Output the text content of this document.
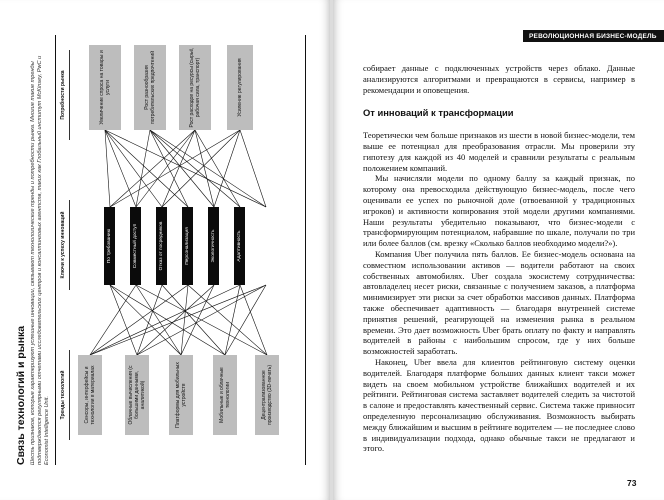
Связь технологий и рынка Шесть признаков, которые характеризуют успешные инновации, связывают технологические тренды и потребности рынка. Многие такие тренды подтверждаются регулярными отчетами исследовательских центров и консалтинговых агентств, таких как Глобальный институт McKinsey, PwC и Economist Intelligence Unit.
Тренды технологий
Ключи к успеху инноваций
Потребности рынка
Сенсоры, интерфейсы и технологии в материалах	Облачные вычисления (с большими данными, аналитикой)	Платформы для мобильных устройств	Мобильные и облачные технологии	Децентрализованное производство (3D-печать)
По требованию	Совместный доступ	Отказ от посредников	Персонализация	Экологичность	Адаптивность
Увеличение спроса на товары и услуги	Рост разнообразия потребительских предпочтений	Рост расходов на ресурсы (сырьё, рабочая сила, транспорт)	Усиление регулирования
РЕВОЛЮЦИОННАЯ БИЗНЕС-МОДЕЛЬ

собирает данные с подключенных устройств через облако. Данные анализируются алгоритмами и превращаются в сервисы, например в рекомендации и оповещения.

От инноваций к трансформации

Теоретически чем больше признаков из шести в новой бизнес-модели, тем выше ее потенциал для преобразования отрасли. Мы проверили эту гипотезу для каждой из 40 моделей и сравнили результаты с реальным положением компаний.

Мы начисляли модели по одному баллу за каждый признак, по которому она превосходила действующую бизнес-модель, после чего оценивали ее успех по рыночной доле (отвоеванной у традиционных игроков) и активности копирования этой модели другими компаниями. Наши результаты убедительно показывают, что бизнес-модели с трансформирующим потенциалом, набравшие по шкале, получали по три или более баллов (см. врезку «Сколько баллов необходимо модели?»).

Компания Uber получила пять баллов. Ее бизнес-модель основана на совместном использовании активов — водители работают на своих собственных автомобилях. Uber создала экосистему сотрудничества: автовладелец несет риски, связанные с получением заказов, а платформа минимизирует эти риски за счет обработки массивов данных. Платформа также обеспечивает адаптивность — благодаря внутренней системе принятия решений, реагирующей на изменения рынка в реальном времени. Это дает возможность Uber брать оплату по факту и направлять водителей в районы с наибольшим спросом, где у них больше возможностей заработать.

Наконец, Uber ввела для клиентов рейтинговую систему оценки водителей. Благодаря платформе больших данных клиент такси может видеть на своем мобильном устройстве ближайших водителей и их рейтинги. Рейтинговая система заставляет водителей следить за чистотой в салоне и предоставлять качественный сервис. Система также привносит определенную персонализацию обслуживания. Возможность выбирать между ближайшим и высшим в рейтинге водителем — не последнее слово в индивидуализации подхода, однако обычные такси не предлагают и этого.

73
